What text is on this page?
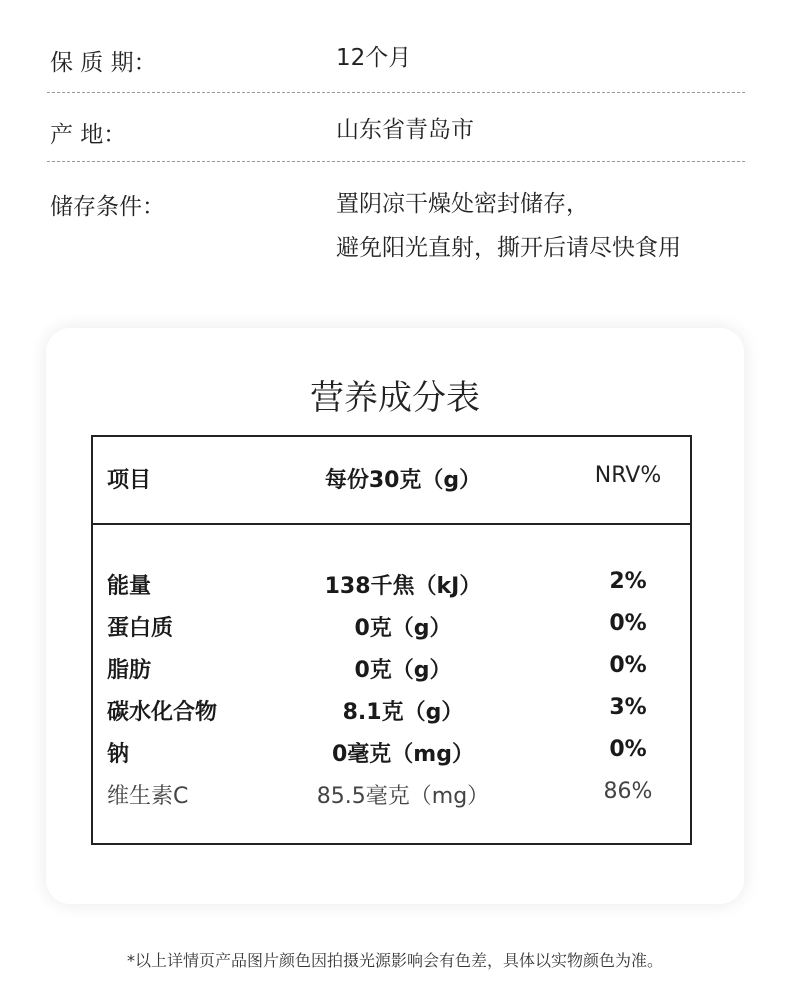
保 质 期：	12个月
产 地：	山东省青岛市
储存条件：	置阴凉干燥处密封储存，
避免阳光直射，撕开后请尽快食用
营养成分表
项目	每份30克（g）	NRV%
能量	138千焦（kJ）	2%
蛋白质	0克（g）	0%
脂肪	0克（g）	0%
碳水化合物	8.1克（g）	3%
钠	0毫克（mg）	0%
维生素C	85.5毫克（mg）	86%
*以上详情页产品图片颜色因拍摄光源影响会有色差，具体以实物颜色为准。
